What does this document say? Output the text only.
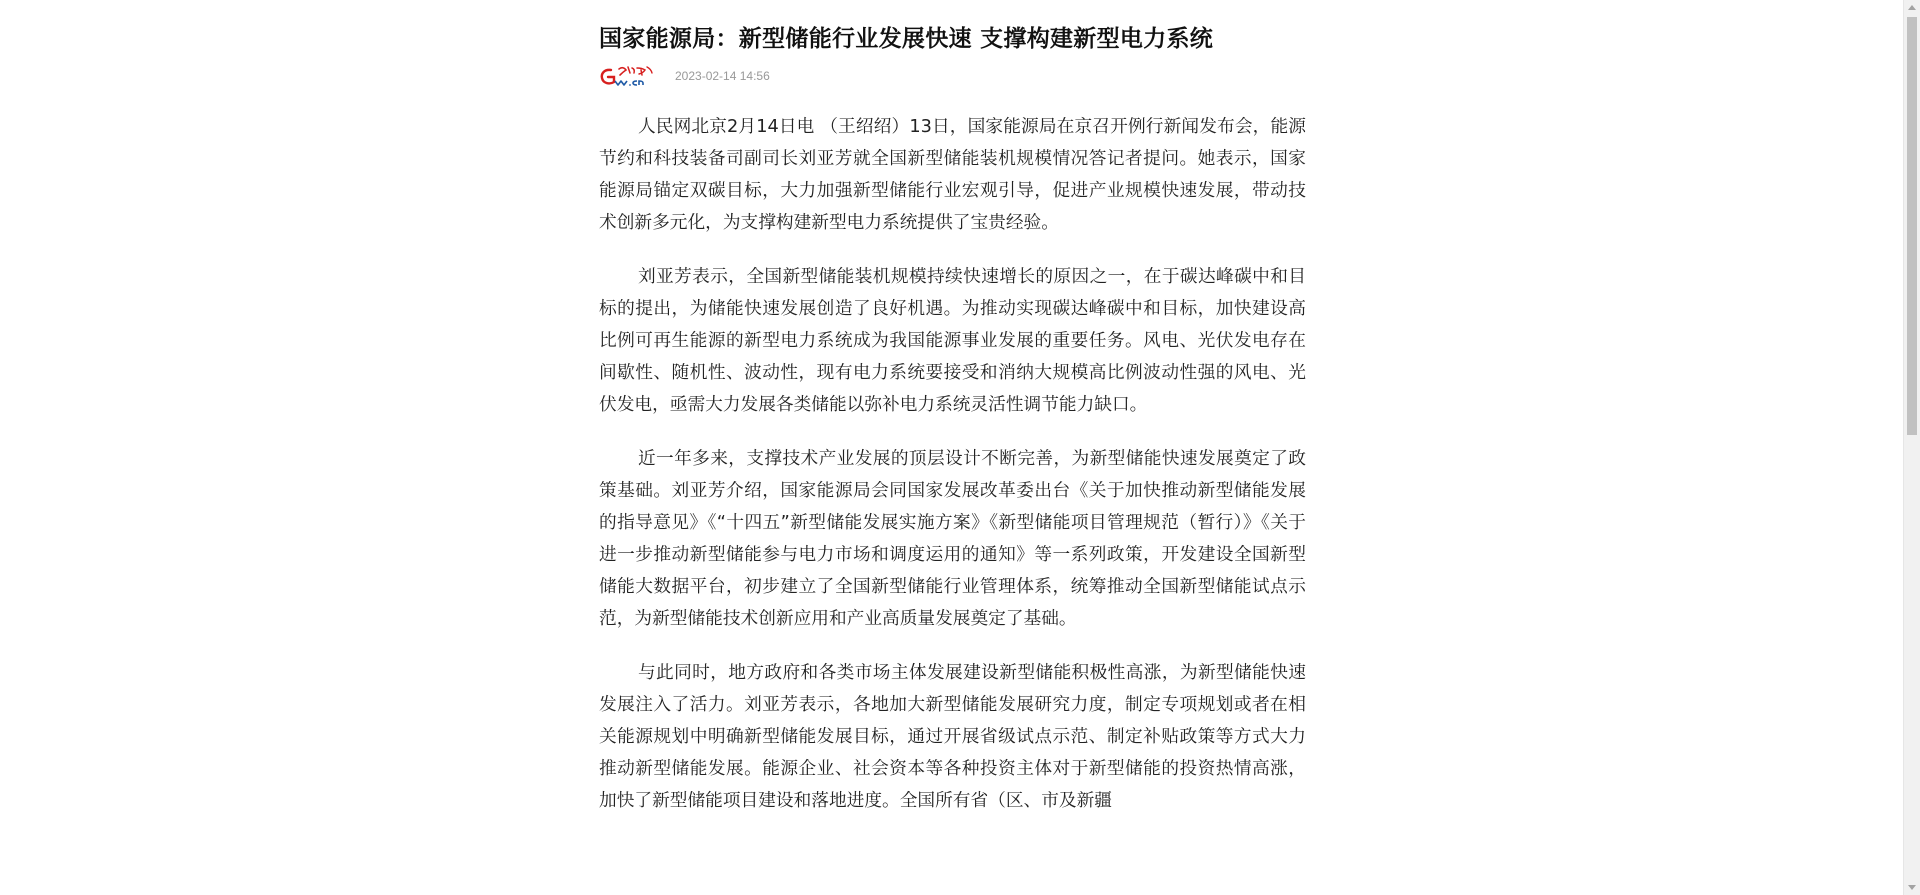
国家能源局：新型储能行业发展快速 支撑构建新型电力系统
2023-02-14 14:56

人民网北京2月14日电 （王绍绍）13日，国家能源局在京召开例行新闻发布会，能源节约和科技装备司副司长刘亚芳就全国新型储能装机规模情况答记者提问。她表示，国家能源局锚定双碳目标，大力加强新型储能行业宏观引导，促进产业规模快速发展，带动技术创新多元化，为支撑构建新型电力系统提供了宝贵经验。

刘亚芳表示，全国新型储能装机规模持续快速增长的原因之一，在于碳达峰碳中和目标的提出，为储能快速发展创造了良好机遇。为推动实现碳达峰碳中和目标，加快建设高比例可再生能源的新型电力系统成为我国能源事业发展的重要任务。风电、光伏发电存在间歇性、随机性、波动性，现有电力系统要接受和消纳大规模高比例波动性强的风电、光伏发电，亟需大力发展各类储能以弥补电力系统灵活性调节能力缺口。

近一年多来，支撑技术产业发展的顶层设计不断完善，为新型储能快速发展奠定了政策基础。刘亚芳介绍，国家能源局会同国家发展改革委出台《关于加快推动新型储能发展的指导意见》《“十四五”新型储能发展实施方案》《新型储能项目管理规范（暂行）》《关于进一步推动新型储能参与电力市场和调度运用的通知》等一系列政策，开发建设全国新型储能大数据平台，初步建立了全国新型储能行业管理体系，统筹推动全国新型储能试点示范，为新型储能技术创新应用和产业高质量发展奠定了基础。

与此同时，地方政府和各类市场主体发展建设新型储能积极性高涨，为新型储能快速发展注入了活力。刘亚芳表示，各地加大新型储能发展研究力度，制定专项规划或者在相关能源规划中明确新型储能发展目标，通过开展省级试点示范、制定补贴政策等方式大力推动新型储能发展。能源企业、社会资本等各种投资主体对于新型储能的投资热情高涨，加快了新型储能项目建设和落地进度。全国所有省（区、市及新疆
